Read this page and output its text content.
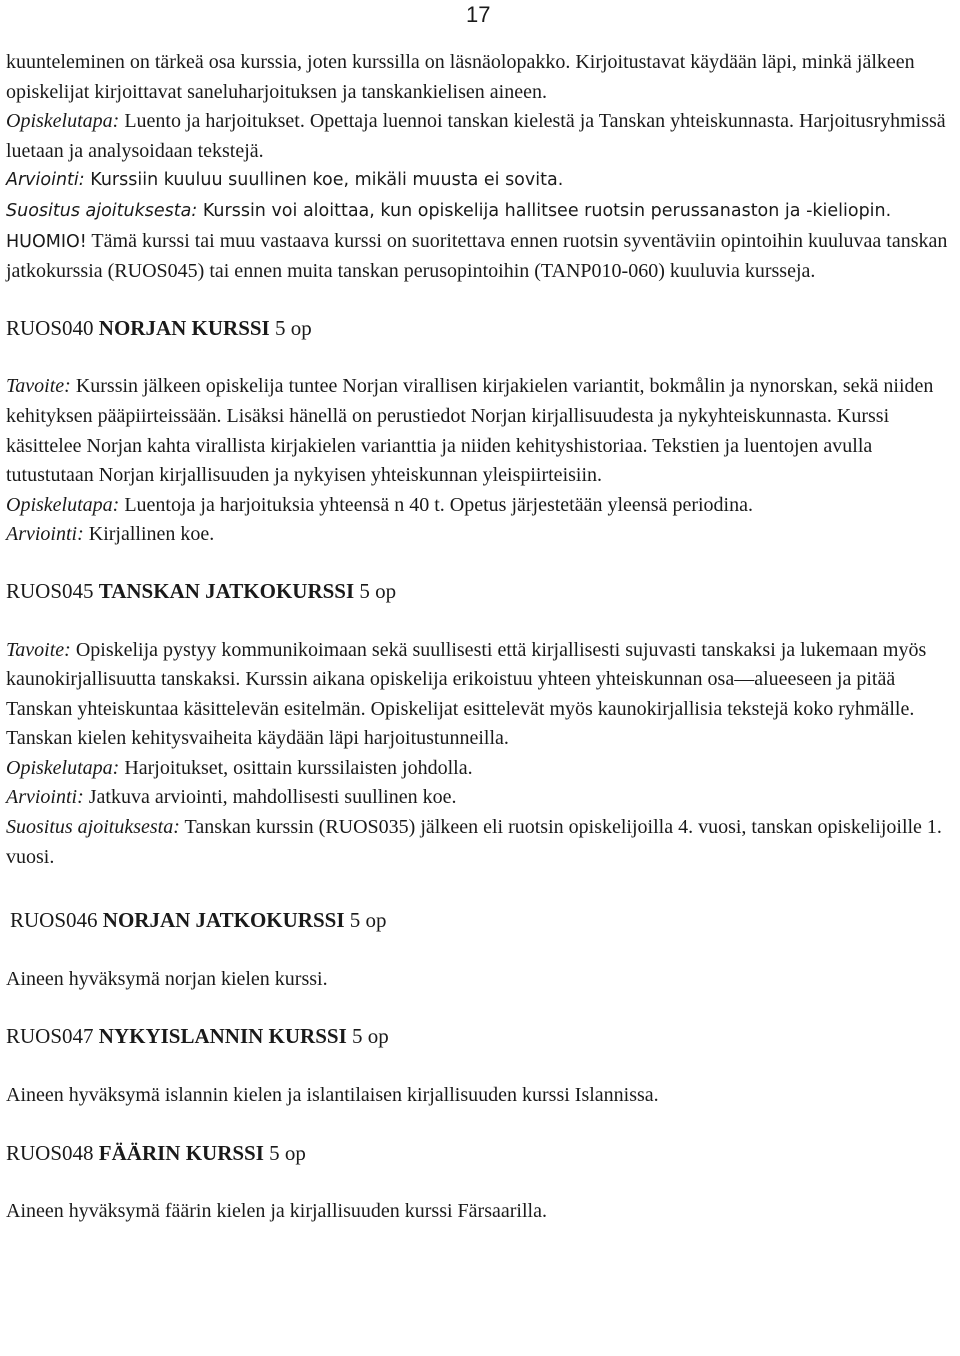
17

kuunteleminen on tärkeä osa kurssia, joten kurssilla on läsnäolopakko. Kirjoitustavat käydään läpi, minkä jälkeen opiskelijat kirjoittavat saneluharjoituksen ja tanskankielisen aineen.

Opiskelutapa: Luento ja harjoitukset. Opettaja luennoi tanskan kielestä ja Tanskan yhteiskunnasta. Harjoitusryhmissä luetaan ja analysoidaan tekstejä.

Arviointi: Kurssiin kuuluu suullinen koe, mikäli muusta ei sovita.

Suositus ajoituksesta: Kurssin voi aloittaa, kun opiskelija hallitsee ruotsin perussanaston ja -kieliopin. HUOMIO! Tämä kurssi tai muu vastaava kurssi on suoritettava ennen ruotsin syventäviin opintoihin kuuluvaa tanskan jatkokurssia (RUOS045) tai ennen muita tanskan perusopintoihin (TANP010-060) kuuluvia kursseja.

RUOS040 NORJAN KURSSI 5 op

Tavoite: Kurssin jälkeen opiskelija tuntee Norjan virallisen kirjakielen variantit, bokmålin ja nynorskan, sekä niiden kehityksen pääpiirteissään. Lisäksi hänellä on perustiedot Norjan kirjallisuudesta ja nykyhteiskunnasta. Kurssi käsittelee Norjan kahta virallista kirjakielen varianttia ja niiden kehityshistoriaa. Tekstien ja luentojen avulla tutustutaan Norjan kirjallisuuden ja nykyisen yhteiskunnan yleispiirteisiin.

Opiskelutapa: Luentoja ja harjoituksia yhteensä n 40 t. Opetus järjestetään yleensä periodina.

Arviointi: Kirjallinen koe.

RUOS045 TANSKAN JATKOKURSSI 5 op

Tavoite: Opiskelija pystyy kommunikoimaan sekä suullisesti että kirjallisesti sujuvasti tanskaksi ja lukemaan myös kaunokirjallisuutta tanskaksi. Kurssin aikana opiskelija erikoistuu yhteen yhteiskunnan osa—alueeseen ja pitää Tanskan yhteiskuntaa käsittelevän esitelmän. Opiskelijat esittelevät myös kaunokirjallisia tekstejä koko ryhmälle. Tanskan kielen kehitysvaiheita käydään läpi harjoitustunneilla.

Opiskelutapa: Harjoitukset, osittain kurssilaisten johdolla.

Arviointi: Jatkuva arviointi, mahdollisesti suullinen koe.

Suositus ajoituksesta: Tanskan kurssin (RUOS035) jälkeen eli ruotsin opiskelijoilla 4. vuosi, tanskan opiskelijoille 1. vuosi.

RUOS046 NORJAN JATKOKURSSI 5 op

Aineen hyväksymä norjan kielen kurssi.

RUOS047 NYKYISLANNIN KURSSI 5 op

Aineen hyväksymä islannin kielen ja islantilaisen kirjallisuuden kurssi Islannissa.

RUOS048 FÄÄRIN KURSSI 5 op

Aineen hyväksymä fäärin kielen ja kirjallisuuden kurssi Färsaarilla.
